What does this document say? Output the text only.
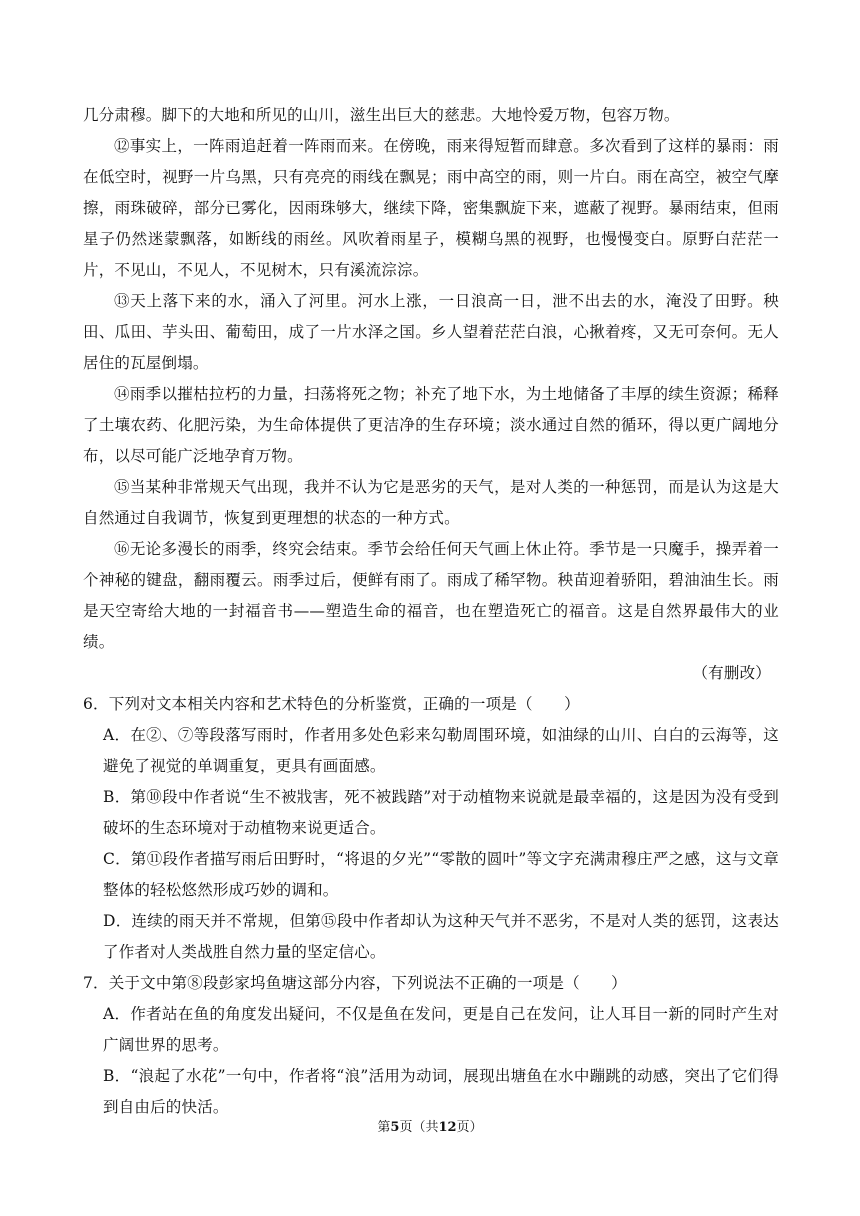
几分肃穆。脚下的大地和所见的山川，滋生出巨大的慈悲。大地怜爱万物，包容万物。

⑫事实上，一阵雨追赶着一阵雨而来。在傍晚，雨来得短暂而肆意。多次看到了这样的暴雨：雨在低空时，视野一片乌黑，只有亮亮的雨线在飘晃；雨中高空的雨，则一片白。雨在高空，被空气摩擦，雨珠破碎，部分已雾化，因雨珠够大，继续下降，密集飘旋下来，遮蔽了视野。暴雨结束，但雨星子仍然迷蒙飘落，如断线的雨丝。风吹着雨星子，模糊乌黑的视野，也慢慢变白。原野白茫茫一片，不见山，不见人，不见树木，只有溪流淙淙。

⑬天上落下来的水，涌入了河里。河水上涨，一日浪高一日，泄不出去的水，淹没了田野。秧田、瓜田、芋头田、葡萄田，成了一片水泽之国。乡人望着茫茫白浪，心揪着疼，又无可奈何。无人居住的瓦屋倒塌。

⑭雨季以摧枯拉朽的力量，扫荡将死之物；补充了地下水，为土地储备了丰厚的续生资源；稀释了土壤农药、化肥污染，为生命体提供了更洁净的生存环境；淡水通过自然的循环，得以更广阔地分布，以尽可能广泛地孕育万物。

⑮当某种非常规天气出现，我并不认为它是恶劣的天气，是对人类的一种惩罚，而是认为这是大自然通过自我调节，恢复到更理想的状态的一种方式。

⑯无论多漫长的雨季，终究会结束。季节会给任何天气画上休止符。季节是一只魔手，操弄着一个神秘的键盘，翻雨覆云。雨季过后，便鲜有雨了。雨成了稀罕物。秧苗迎着骄阳，碧油油生长。雨是天空寄给大地的一封福音书——塑造生命的福音，也在塑造死亡的福音。这是自然界最伟大的业绩。

（有删改）

6．下列对文本相关内容和艺术特色的分析鉴赏，正确的一项是（　　）

A．在②、⑦等段落写雨时，作者用多处色彩来勾勒周围环境，如油绿的山川、白白的云海等，这避免了视觉的单调重复，更具有画面感。

B．第⑩段中作者说“生不被戕害，死不被践踏”对于动植物来说就是最幸福的，这是因为没有受到破坏的生态环境对于动植物来说更适合。

C．第⑪段作者描写雨后田野时，“将退的夕光”“零散的圆叶”等文字充满肃穆庄严之感，这与文章整体的轻松悠然形成巧妙的调和。

D．连续的雨天并不常规，但第⑮段中作者却认为这种天气并不恶劣，不是对人类的惩罚，这表达了作者对人类战胜自然力量的坚定信心。

7．关于文中第⑧段彭家坞鱼塘这部分内容，下列说法不正确的一项是（　　）

A．作者站在鱼的角度发出疑问，不仅是鱼在发问，更是自己在发问，让人耳目一新的同时产生对广阔世界的思考。

B．“浪起了水花”一句中，作者将“浪”活用为动词，展现出塘鱼在水中蹦跳的动感，突出了它们得到自由后的快活。

第5页（共12页）
